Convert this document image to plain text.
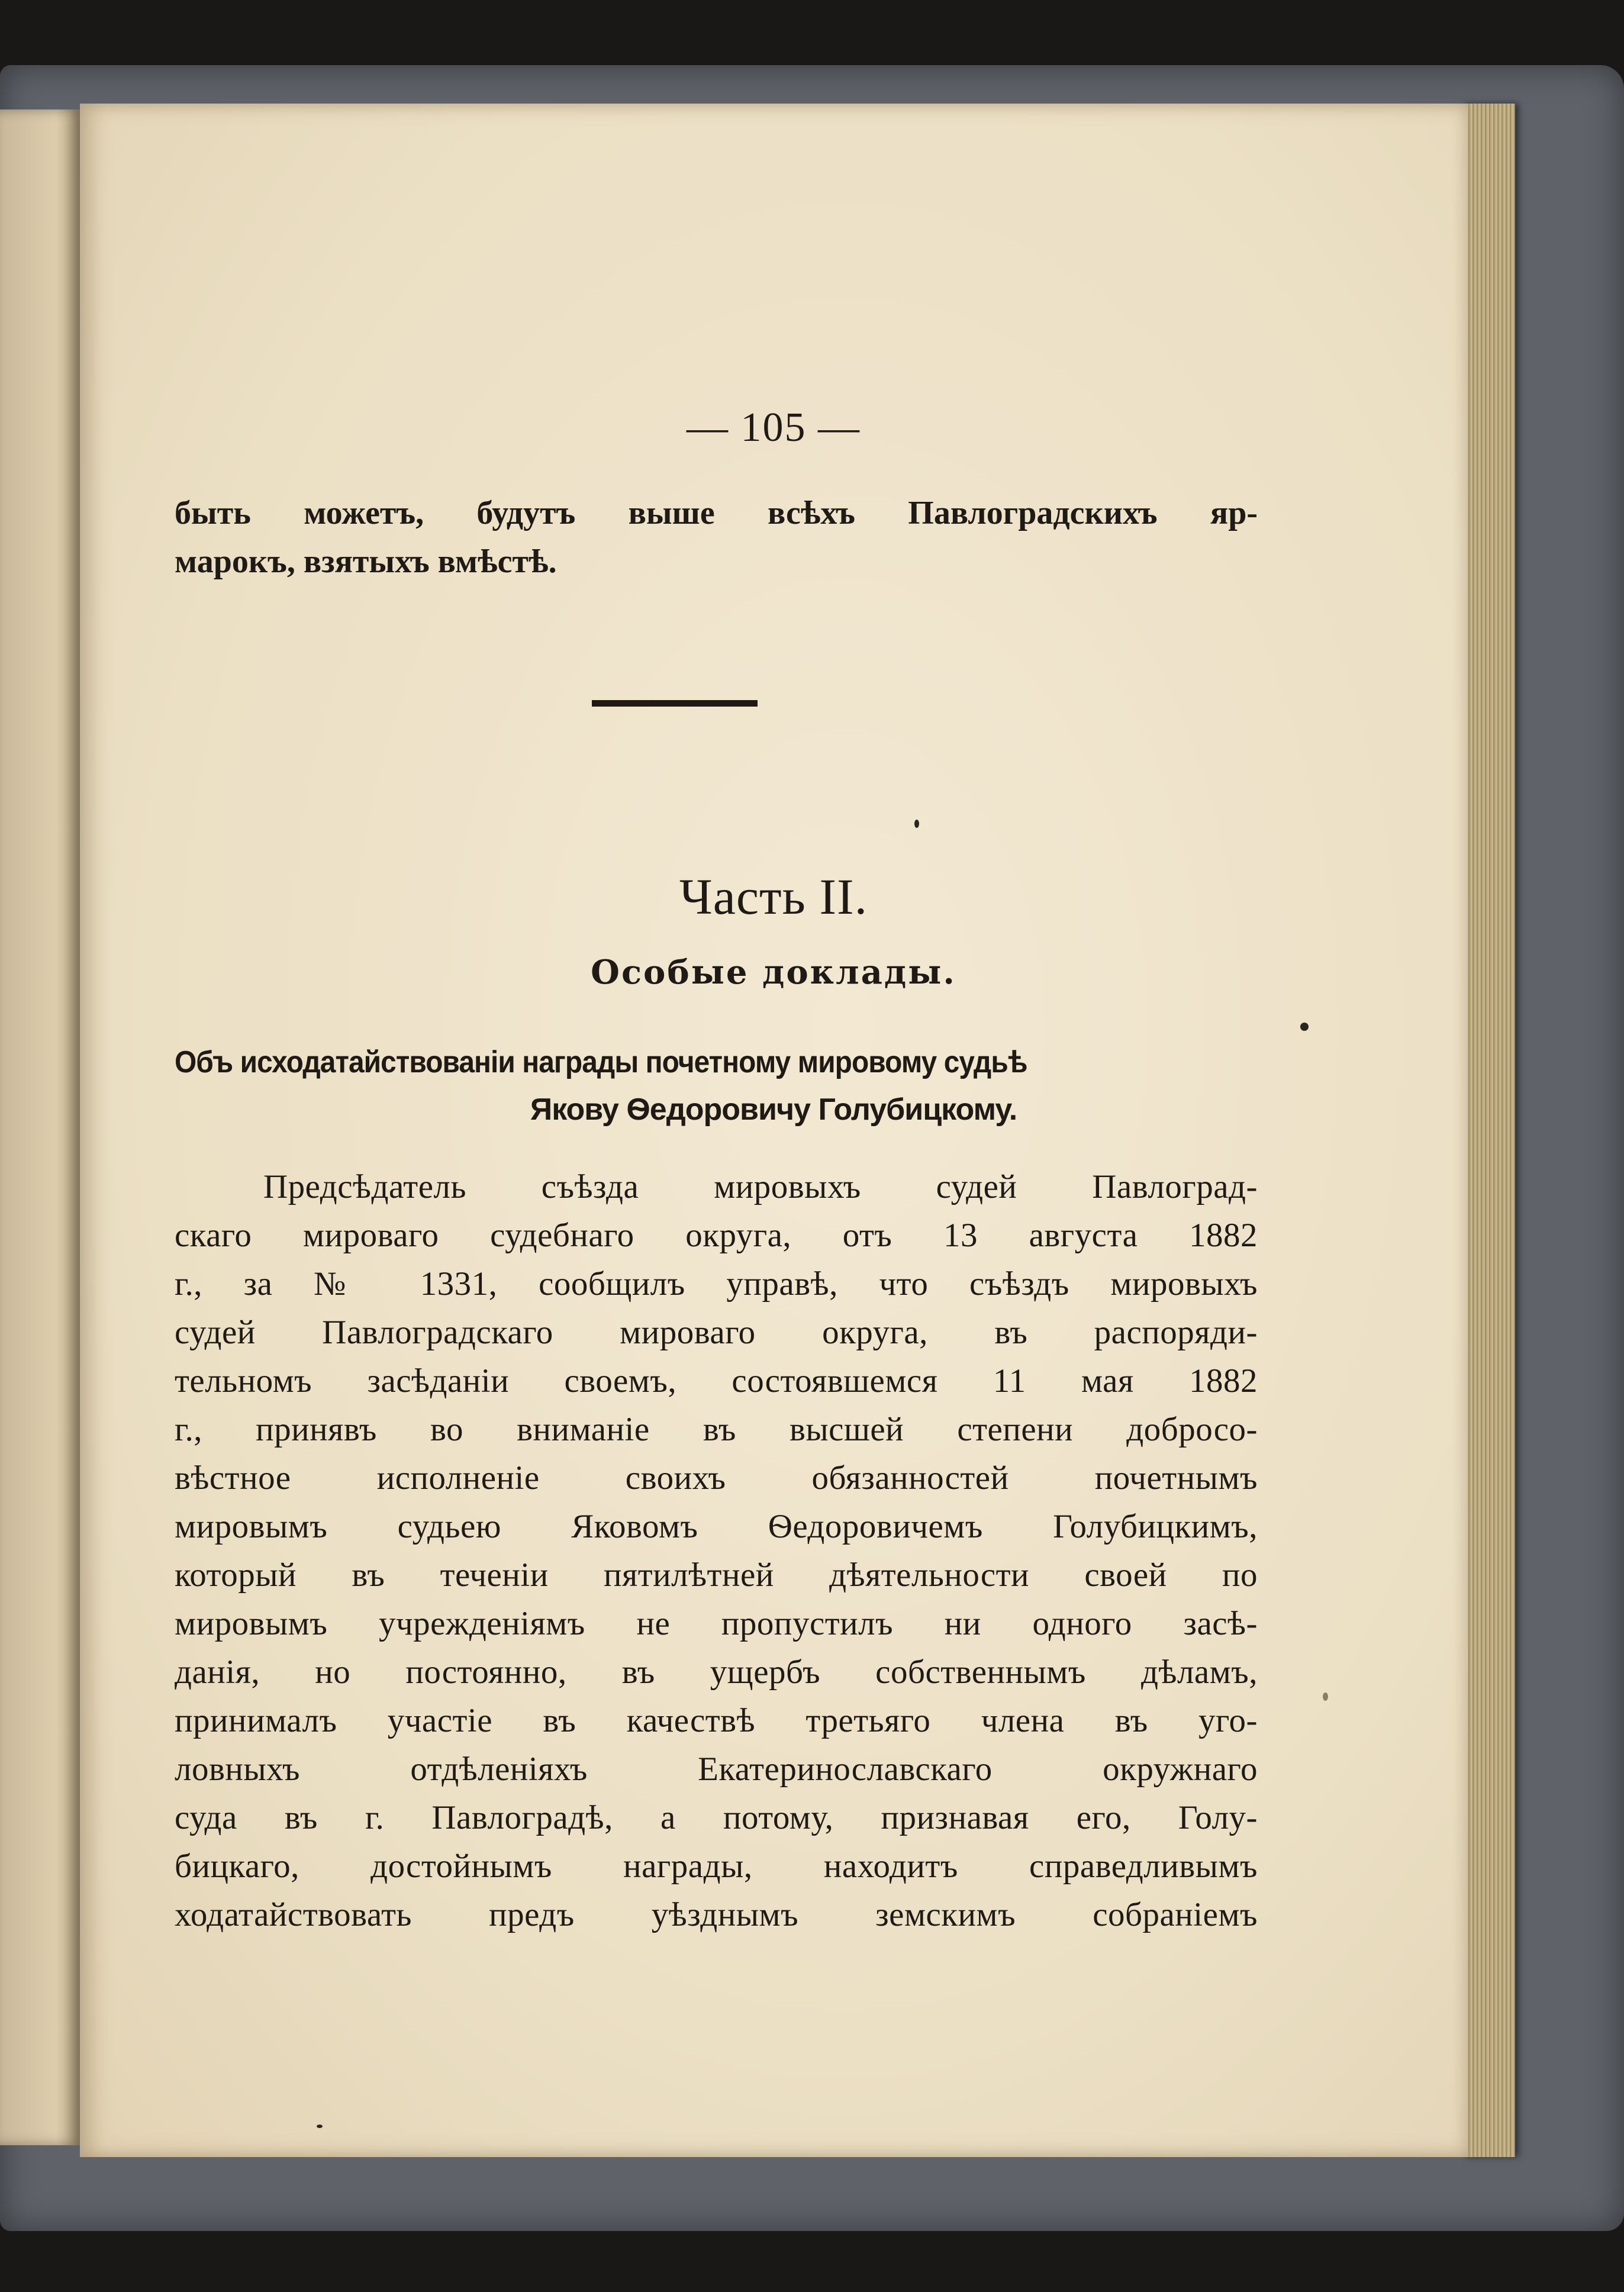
— 105 —
быть можетъ, будутъ выше всѣхъ Павлоградскихъ яр-
марокъ, взятыхъ вмѣстѣ.
Часть II.
Особые доклады.
Объ исходатайствованіи награды почетному мировому судьѣ
Якову Ѳедоровичу Голубицкому.
Предсѣдатель съѣзда мировыхъ судей Павлоград-
скаго мироваго судебнаго округа, отъ 13 августа 1882
г., за № 1331, сообщилъ управѣ, что съѣздъ мировыхъ
судей Павлоградскаго мироваго округа, въ распоряди-
тельномъ засѣданіи своемъ, состоявшемся 11 мая 1882
г., принявъ во вниманіе въ высшей степени добросо-
вѣстное исполненіе своихъ обязанностей почетнымъ
мировымъ судьею Яковомъ Ѳедоровичемъ Голубицкимъ,
который въ теченіи пятилѣтней дѣятельности своей по
мировымъ учрежденіямъ не пропустилъ ни одного засѣ-
данія, но постоянно, въ ущербъ собственнымъ дѣламъ,
принималъ участіе въ качествѣ третьяго члена въ уго-
ловныхъ отдѣленіяхъ Екатеринославскаго окружнаго
суда въ г. Павлоградѣ, а потому, признавая его, Голу-
бицкаго, достойнымъ награды, находитъ справедливымъ
ходатайствовать предъ уѣзднымъ земскимъ собраніемъ
